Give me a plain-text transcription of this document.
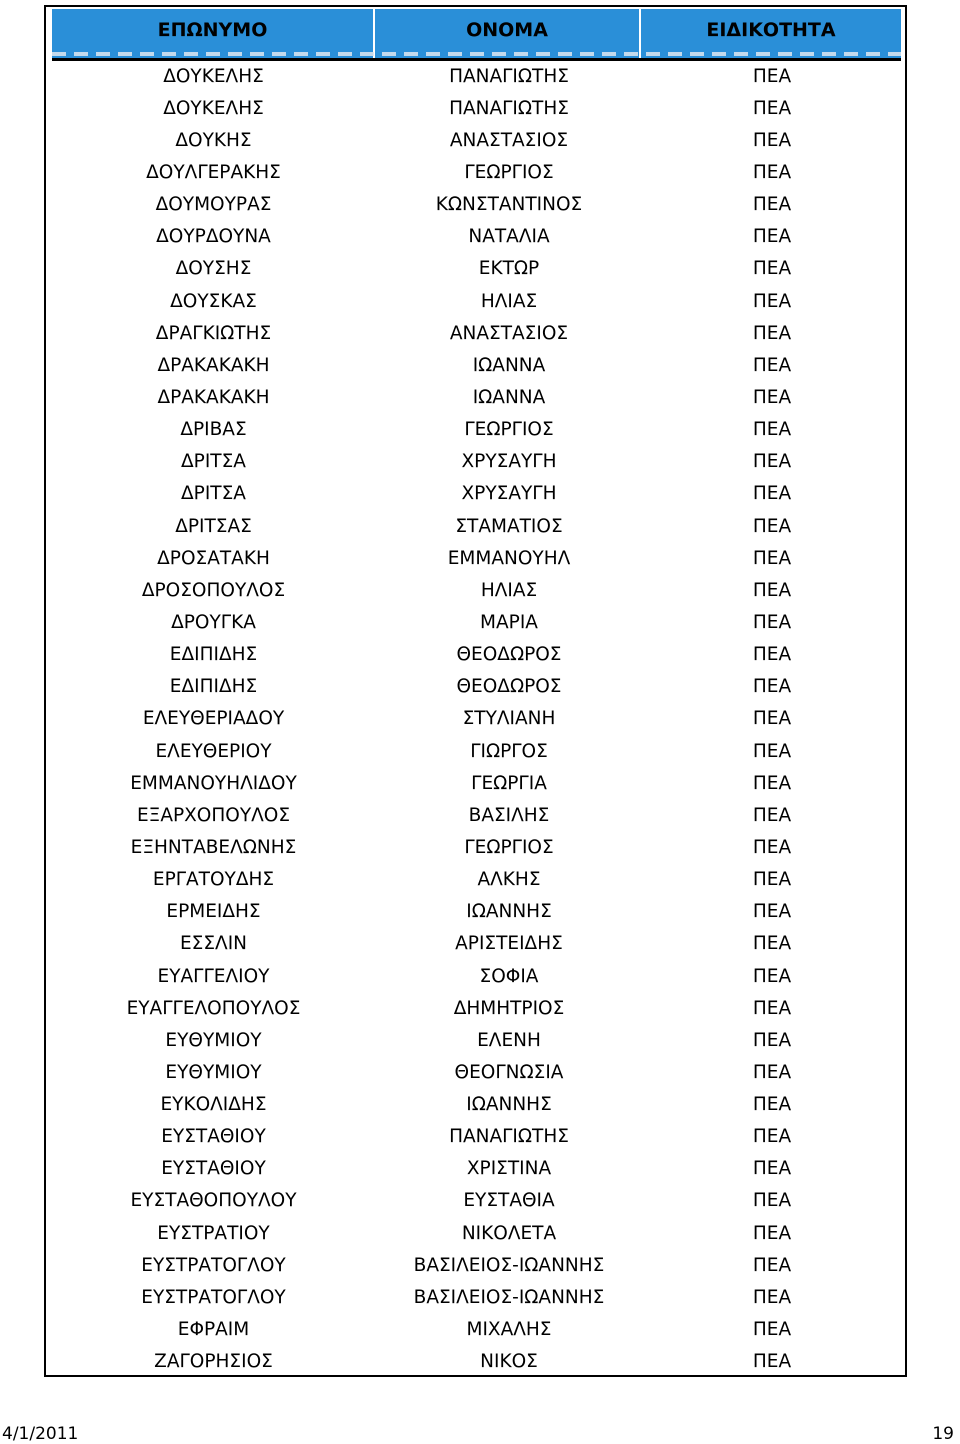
ΕΠΩΝΥΜΟ	ΟΝΟΜΑ	ΕΙΔΙΚΟΤΗΤΑ
ΔΟΥΚΕΛΗΣ	ΠΑΝΑΓΙΩΤΗΣ	ΠΕΑ
ΔΟΥΚΕΛΗΣ	ΠΑΝΑΓΙΩΤΗΣ	ΠΕΑ
ΔΟΥΚΗΣ	ΑΝΑΣΤΑΣΙΟΣ	ΠΕΑ
ΔΟΥΛΓΕΡΑΚΗΣ	ΓΕΩΡΓΙΟΣ	ΠΕΑ
ΔΟΥΜΟΥΡΑΣ	ΚΩΝΣΤΑΝΤΙΝΟΣ	ΠΕΑ
ΔΟΥΡΔΟΥΝΑ	ΝΑΤΑΛΙΑ	ΠΕΑ
ΔΟΥΣΗΣ	ΕΚΤΩΡ	ΠΕΑ
ΔΟΥΣΚΑΣ	ΗΛΙΑΣ	ΠΕΑ
ΔΡΑΓΚΙΩΤΗΣ	ΑΝΑΣΤΑΣΙΟΣ	ΠΕΑ
ΔΡΑΚΑΚΑΚΗ	ΙΩΑΝΝΑ	ΠΕΑ
ΔΡΑΚΑΚΑΚΗ	ΙΩΑΝΝΑ	ΠΕΑ
ΔΡΙΒΑΣ	ΓΕΩΡΓΙΟΣ	ΠΕΑ
ΔΡΙΤΣΑ	ΧΡΥΣΑΥΓΗ	ΠΕΑ
ΔΡΙΤΣΑ	ΧΡΥΣΑΥΓΗ	ΠΕΑ
ΔΡΙΤΣΑΣ	ΣΤΑΜΑΤΙΟΣ	ΠΕΑ
ΔΡΟΣΑΤΑΚΗ	ΕΜΜΑΝΟΥΗΛ	ΠΕΑ
ΔΡΟΣΟΠΟΥΛΟΣ	ΗΛΙΑΣ	ΠΕΑ
ΔΡΟΥΓΚΑ	ΜΑΡΙΑ	ΠΕΑ
ΕΔΙΠΙΔΗΣ	ΘΕΟΔΩΡΟΣ	ΠΕΑ
ΕΔΙΠΙΔΗΣ	ΘΕΟΔΩΡΟΣ	ΠΕΑ
ΕΛΕΥΘΕΡΙΑΔΟΥ	ΣΤΥΛΙΑΝΗ	ΠΕΑ
ΕΛΕΥΘΕΡΙΟΥ	ΓΙΩΡΓΟΣ	ΠΕΑ
ΕΜΜΑΝΟΥΗΛΙΔΟΥ	ΓΕΩΡΓΙΑ	ΠΕΑ
ΕΞΑΡΧΟΠΟΥΛΟΣ	ΒΑΣΙΛΗΣ	ΠΕΑ
ΕΞΗΝΤΑΒΕΛΩΝΗΣ	ΓΕΩΡΓΙΟΣ	ΠΕΑ
ΕΡΓΑΤΟΥΔΗΣ	ΑΛΚΗΣ	ΠΕΑ
ΕΡΜΕΙΔΗΣ	ΙΩΑΝΝΗΣ	ΠΕΑ
ΕΣΣΛΙΝ	ΑΡΙΣΤΕΙΔΗΣ	ΠΕΑ
ΕΥΑΓΓΕΛΙΟΥ	ΣΟΦΙΑ	ΠΕΑ
ΕΥΑΓΓΕΛΟΠΟΥΛΟΣ	ΔΗΜΗΤΡΙΟΣ	ΠΕΑ
ΕΥΘΥΜΙΟΥ	ΕΛΕΝΗ	ΠΕΑ
ΕΥΘΥΜΙΟΥ	ΘΕΟΓΝΩΣΙΑ	ΠΕΑ
ΕΥΚΟΛΙΔΗΣ	ΙΩΑΝΝΗΣ	ΠΕΑ
ΕΥΣΤΑΘΙΟΥ	ΠΑΝΑΓΙΩΤΗΣ	ΠΕΑ
ΕΥΣΤΑΘΙΟΥ	ΧΡΙΣΤΙΝΑ	ΠΕΑ
ΕΥΣΤΑΘΟΠΟΥΛΟΥ	ΕΥΣΤΑΘΙΑ	ΠΕΑ
ΕΥΣΤΡΑΤΙΟΥ	ΝΙΚΟΛΕΤΑ	ΠΕΑ
ΕΥΣΤΡΑΤΟΓΛΟΥ	ΒΑΣΙΛΕΙΟΣ-ΙΩΑΝΝΗΣ	ΠΕΑ
ΕΥΣΤΡΑΤΟΓΛΟΥ	ΒΑΣΙΛΕΙΟΣ-ΙΩΑΝΝΗΣ	ΠΕΑ
ΕΦΡΑΙΜ	ΜΙΧΑΛΗΣ	ΠΕΑ
ΖΑΓΟΡΗΣΙΟΣ	ΝΙΚΟΣ	ΠΕΑ
4/1/2011	19
